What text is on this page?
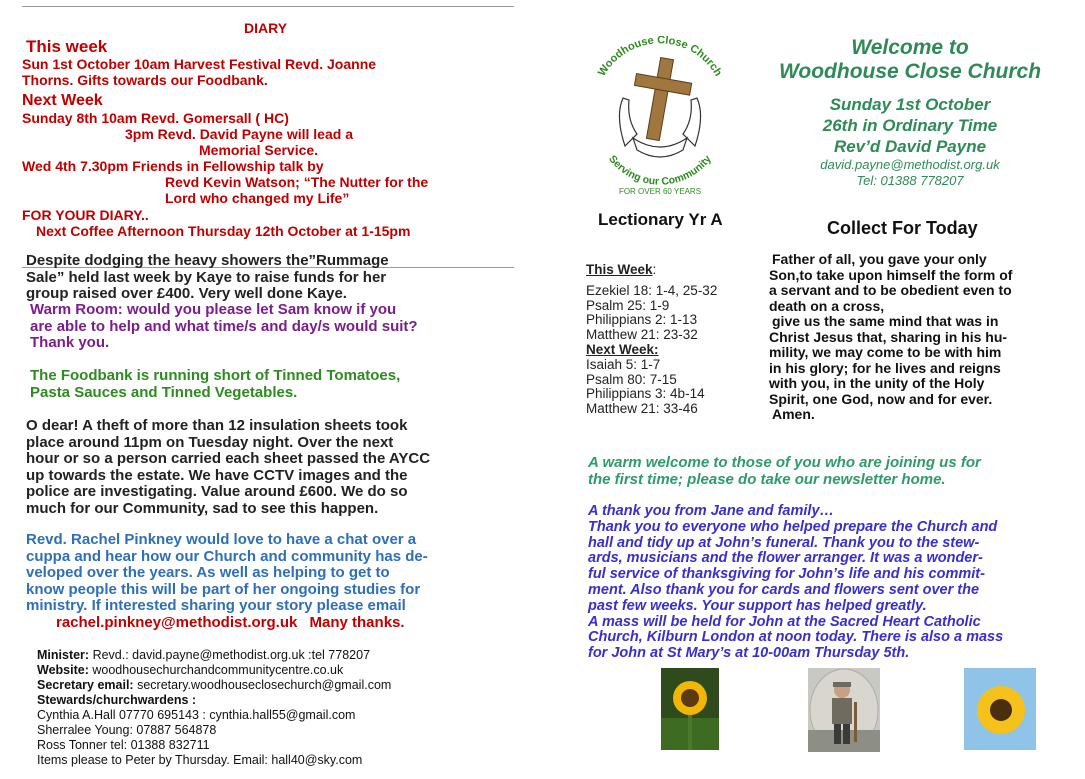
DIARY
This week
Sun 1st October 10am Harvest Festival Revd. Joanne
Thorns. Gifts towards our Foodbank.
Next Week
Sunday 8th 10am Revd. Gomersall ( HC)
3pm Revd. David Payne will lead a
Memorial Service.
Wed 4th 7.30pm Friends in Fellowship talk by
Revd Kevin Watson; “The Nutter for the
Lord who changed my Life”
FOR YOUR DIARY..
Next Coffee Afternoon Thursday 12th October at 1-15pm
Despite dodging the heavy showers the”Rummage
Sale” held last week by Kaye to raise funds for her
group raised over £400. Very well done Kaye.
Warm Room: would you please let Sam know if you
are able to help and what time/s and day/s would suit?
Thank you.
The Foodbank is running short of Tinned Tomatoes,
Pasta Sauces and Tinned Vegetables.
O dear! A theft of more than 12 insulation sheets took
place around 11pm on Tuesday night. Over the next
hour or so a person carried each sheet passed the AYCC
up towards the estate. We have CCTV images and the
police are investigating. Value around £600. We do so
much for our Community, sad to see this happen.
Revd. Rachel Pinkney would love to have a chat over a
cuppa and hear how our Church and community has de-
veloped over the years. As well as helping to get to
know people this will be part of her ongoing studies for
ministry. If interested sharing your story please email
rachel.pinkney@methodist.org.uk Many thanks.
Minister: Revd.: david.payne@methodist.org.uk :tel 778207
Website: woodhousechurchandcommunitycentre.co.uk
Secretary email: secretary.woodhouseclosechurch@gmail.com
Stewards/churchwardens :
Cynthia A.Hall 07770 695143 : cynthia.hall55@gmail.com
Sherralee Young: 07887 564878
Ross Tonner tel: 01388 832711
Items please to Peter by Thursday. Email: hall40@sky.com
Woodhouse Close Church
Serving our Community
FOR OVER 60 YEARS
Lectionary Yr A
This Week:
Ezekiel 18: 1-4, 25-32
Psalm 25: 1-9
Philippians 2: 1-13
Matthew 21: 23-32
Next Week:
Isaiah 5: 1-7
Psalm 80: 7-15
Philippians 3: 4b-14
Matthew 21: 33-46
Welcome to
Woodhouse Close Church
Sunday 1st October
26th in Ordinary Time
Rev’d David Payne
david.payne@methodist.org.uk
Tel: 01388 778207
Collect For Today
Father of all, you gave your only
Son,to take upon himself the form of
a servant and to be obedient even to
death on a cross,
give us the same mind that was in
Christ Jesus that, sharing in his hu-
mility, we may come to be with him
in his glory; for he lives and reigns
with you, in the unity of the Holy
Spirit, one God, now and for ever.
Amen.
A warm welcome to those of you who are joining us for
the first time; please do take our newsletter home.
A thank you from Jane and family…
Thank you to everyone who helped prepare the Church and
hall and tidy up at John’s funeral. Thank you to the stew-
ards, musicians and the flower arranger. It was a wonder-
ful service of thanksgiving for John’s life and his commit-
ment. Also thank you for cards and flowers sent over the
past few weeks. Your support has helped greatly.
A mass will be held for John at the Sacred Heart Catholic
Church, Kilburn London at noon today. There is also a mass
for John at St Mary’s at 10-00am Thursday 5th.
